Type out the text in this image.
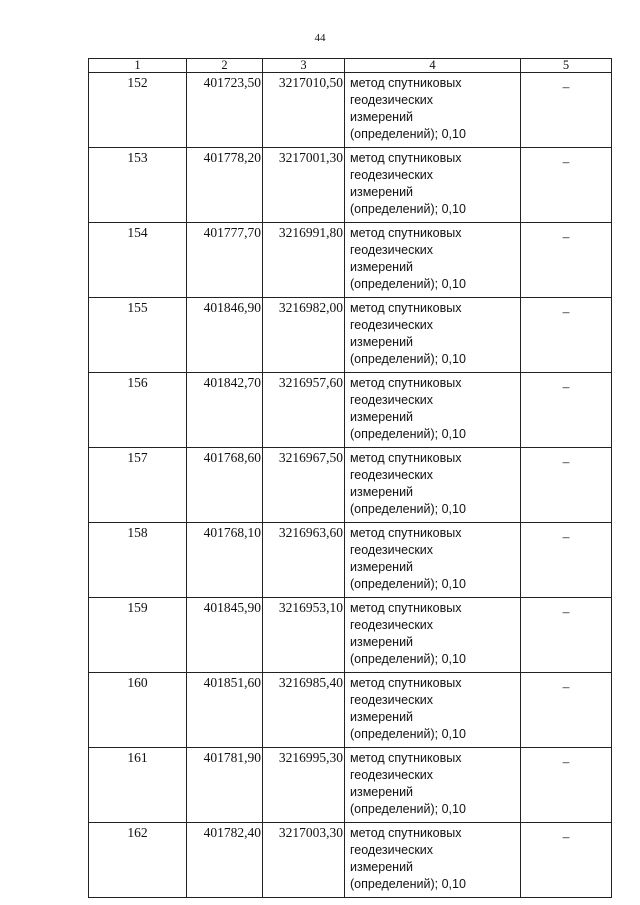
44
1	2	3	4	5
152	401723,50	3217010,50	метод спутниковых
геодезических
измерений
(определений); 0,10	–
153	401778,20	3217001,30	метод спутниковых
геодезических
измерений
(определений); 0,10	–
154	401777,70	3216991,80	метод спутниковых
геодезических
измерений
(определений); 0,10	–
155	401846,90	3216982,00	метод спутниковых
геодезических
измерений
(определений); 0,10	–
156	401842,70	3216957,60	метод спутниковых
геодезических
измерений
(определений); 0,10	–
157	401768,60	3216967,50	метод спутниковых
геодезических
измерений
(определений); 0,10	–
158	401768,10	3216963,60	метод спутниковых
геодезических
измерений
(определений); 0,10	–
159	401845,90	3216953,10	метод спутниковых
геодезических
измерений
(определений); 0,10	–
160	401851,60	3216985,40	метод спутниковых
геодезических
измерений
(определений); 0,10	–
161	401781,90	3216995,30	метод спутниковых
геодезических
измерений
(определений); 0,10	–
162	401782,40	3217003,30	метод спутниковых
геодезических
измерений
(определений); 0,10	–
